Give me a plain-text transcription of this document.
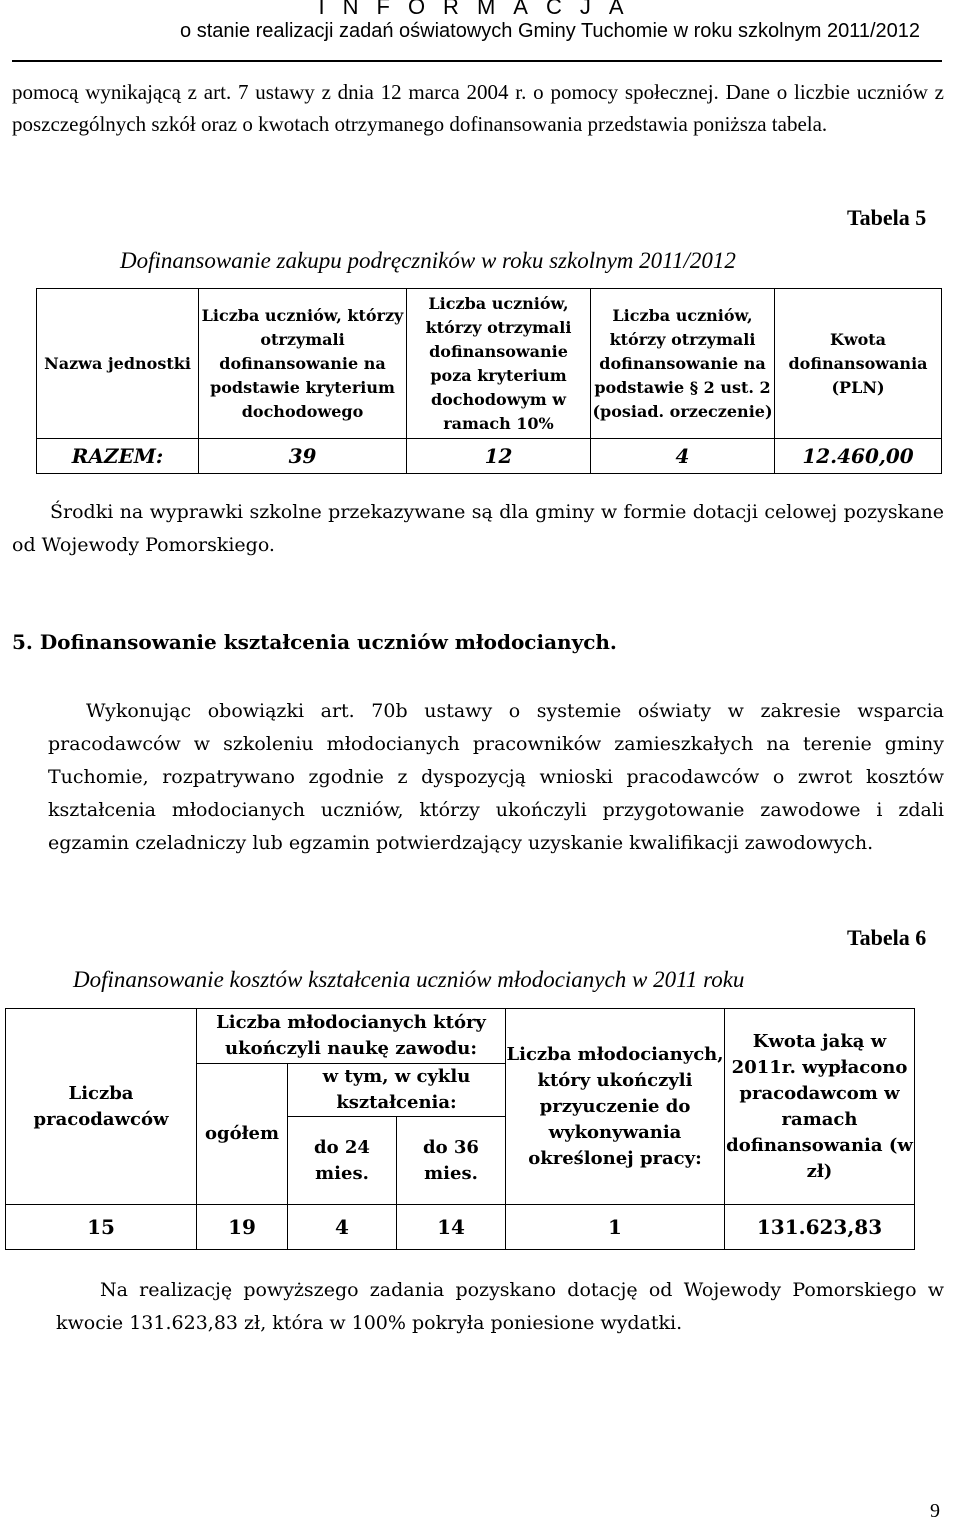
INFORMACJA
o stanie realizacji zadań oświatowych Gminy Tuchomie w roku szkolnym 2011/2012
pomocą wynikającą z art. 7 ustawy z dnia 12 marca 2004 r. o pomocy społecznej. Dane o liczbie uczniów z poszczególnych szkół oraz o kwotach otrzymanego dofinansowania przedstawia poniższa tabela.
Tabela 5
Dofinansowanie zakupu podręczników w roku szkolnym 2011/2012
Nazwa jednostki	Liczba uczniów, którzy otrzymali dofinansowanie na podstawie kryterium dochodowego	Liczba uczniów, którzy otrzymali dofinansowanie poza kryterium dochodowym w ramach 10%	Liczba uczniów, którzy otrzymali dofinansowanie na podstawie § 2 ust. 2 (posiad. orzeczenie)	Kwota dofinansowania (PLN)
RAZEM:	39	12	4	12.460,00
Środki na wyprawki szkolne przekazywane są dla gminy w formie dotacji celowej pozyskane od Wojewody Pomorskiego.
5. Dofinansowanie kształcenia uczniów młodocianych.
Wykonując obowiązki art. 70b ustawy o systemie oświaty w zakresie wsparcia pracodawców w szkoleniu młodocianych pracowników zamieszkałych na terenie gminy Tuchomie, rozpatrywano zgodnie z dyspozycją wnioski pracodawców o zwrot kosztów kształcenia młodocianych uczniów, którzy ukończyli przygotowanie zawodowe i zdali egzamin czeladniczy lub egzamin potwierdzający uzyskanie kwalifikacji zawodowych.
Tabela 6
Dofinansowanie kosztów kształcenia uczniów młodocianych w 2011 roku
Liczba pracodawców	Liczba młodocianych który ukończyli naukę zawodu:			Liczba młodocianych, który ukończyli przyuczenie do wykonywania określonej pracy:	Kwota jaką w 2011r. wypłacono pracodawcom w ramach dofinansowania (w zł)
	ogółem	w tym, w cyklu kształcenia:			
		do 24 mies.	do 36 mies.		
15	19	4	14	1	131.623,83
Na realizację powyższego zadania pozyskano dotację od Wojewody Pomorskiego w kwocie 131.623,83 zł, która w 100% pokryła poniesione wydatki.
9
